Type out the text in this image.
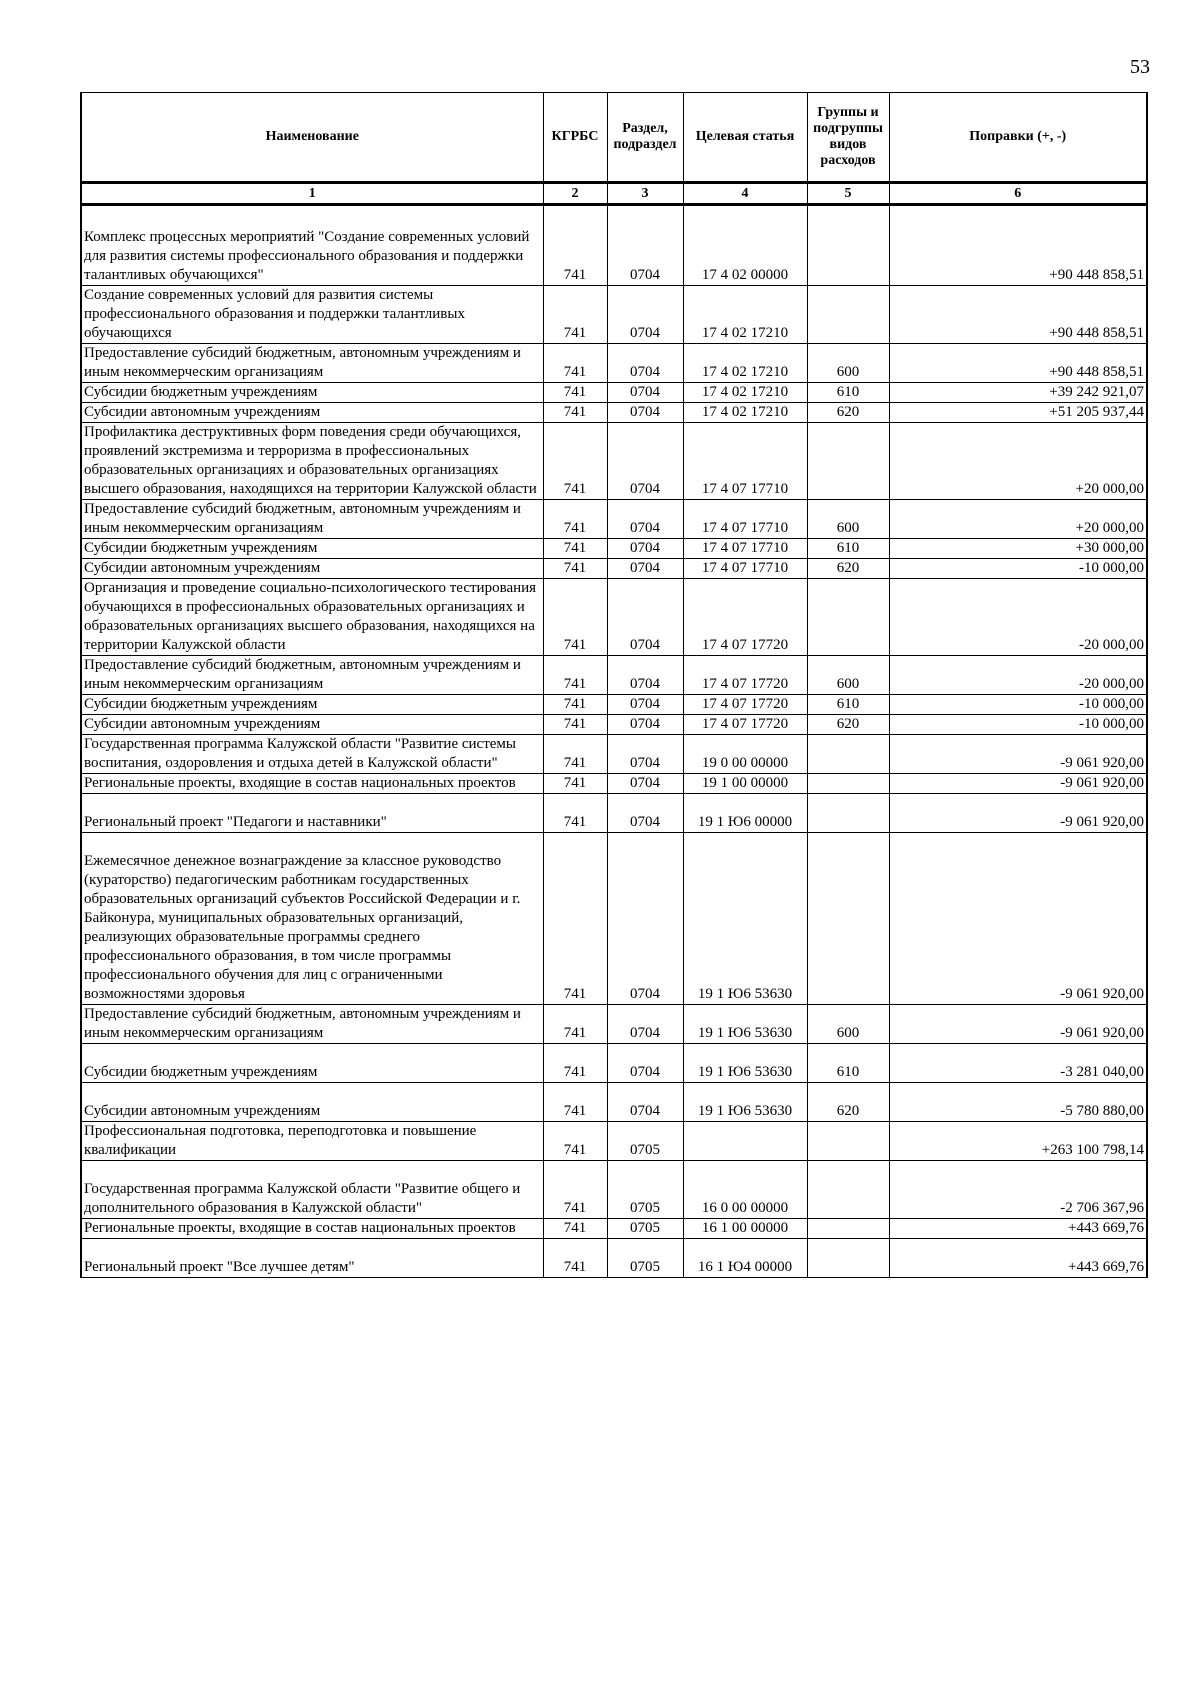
53
Наименование	КГРБС	Раздел, подраздел	Целевая статья	Группы и подгруппы видов расходов	Поправки (+, -)
1	2	3	4	5	6

Комплекс процессных мероприятий "Создание современных условий для развития системы профессионального образования и поддержки талантливых обучающихся"	741	0704	17 4 02 00000		+90 448 858,51
Создание современных условий для развития системы профессионального образования и поддержки талантливых обучающихся	741	0704	17 4 02 17210		+90 448 858,51
Предоставление субсидий бюджетным, автономным учреждениям и иным некоммерческим организациям	741	0704	17 4 02 17210	600	+90 448 858,51
Субсидии бюджетным учреждениям	741	0704	17 4 02 17210	610	+39 242 921,07
Субсидии автономным учреждениям	741	0704	17 4 02 17210	620	+51 205 937,44
Профилактика деструктивных форм поведения среди обучающихся, проявлений экстремизма и терроризма в профессиональных образовательных организациях и образовательных организациях высшего образования, находящихся на территории Калужской области	741	0704	17 4 07 17710		+20 000,00
Предоставление субсидий бюджетным, автономным учреждениям и иным некоммерческим организациям	741	0704	17 4 07 17710	600	+20 000,00
Субсидии бюджетным учреждениям	741	0704	17 4 07 17710	610	+30 000,00
Субсидии автономным учреждениям	741	0704	17 4 07 17710	620	-10 000,00
Организация и проведение социально-психологического тестирования обучающихся в профессиональных образовательных организациях и образовательных организациях высшего образования, находящихся на территории Калужской области	741	0704	17 4 07 17720		-20 000,00
Предоставление субсидий бюджетным, автономным учреждениям и иным некоммерческим организациям	741	0704	17 4 07 17720	600	-20 000,00
Субсидии бюджетным учреждениям	741	0704	17 4 07 17720	610	-10 000,00
Субсидии автономным учреждениям	741	0704	17 4 07 17720	620	-10 000,00
Государственная программа Калужской области "Развитие системы воспитания, оздоровления и отдыха детей в Калужской области"	741	0704	19 0 00 00000		-9 061 920,00
Региональные проекты, входящие в состав национальных проектов	741	0704	19 1 00 00000		-9 061 920,00
Региональный проект "Педагоги и наставники"	741	0704	19 1 Ю6 00000		-9 061 920,00
Ежемесячное денежное вознаграждение за классное руководство (кураторство) педагогическим работникам государственных образовательных организаций субъектов Российской Федерации и г. Байконура, муниципальных образовательных организаций, реализующих образовательные программы среднего профессионального образования, в том числе программы профессионального обучения для лиц с ограниченными возможностями здоровья	741	0704	19 1 Ю6 53630		-9 061 920,00
Предоставление субсидий бюджетным, автономным учреждениям и иным некоммерческим организациям	741	0704	19 1 Ю6 53630	600	-9 061 920,00
Субсидии бюджетным учреждениям	741	0704	19 1 Ю6 53630	610	-3 281 040,00
Субсидии автономным учреждениям	741	0704	19 1 Ю6 53630	620	-5 780 880,00
Профессиональная подготовка, переподготовка и повышение квалификации	741	0705			+263 100 798,14
Государственная программа Калужской области "Развитие общего и дополнительного образования в Калужской области"	741	0705	16 0 00 00000		-2 706 367,96
Региональные проекты, входящие в состав национальных проектов	741	0705	16 1 00 00000		+443 669,76
Региональный проект "Все лучшее детям"	741	0705	16 1 Ю4 00000		+443 669,76
